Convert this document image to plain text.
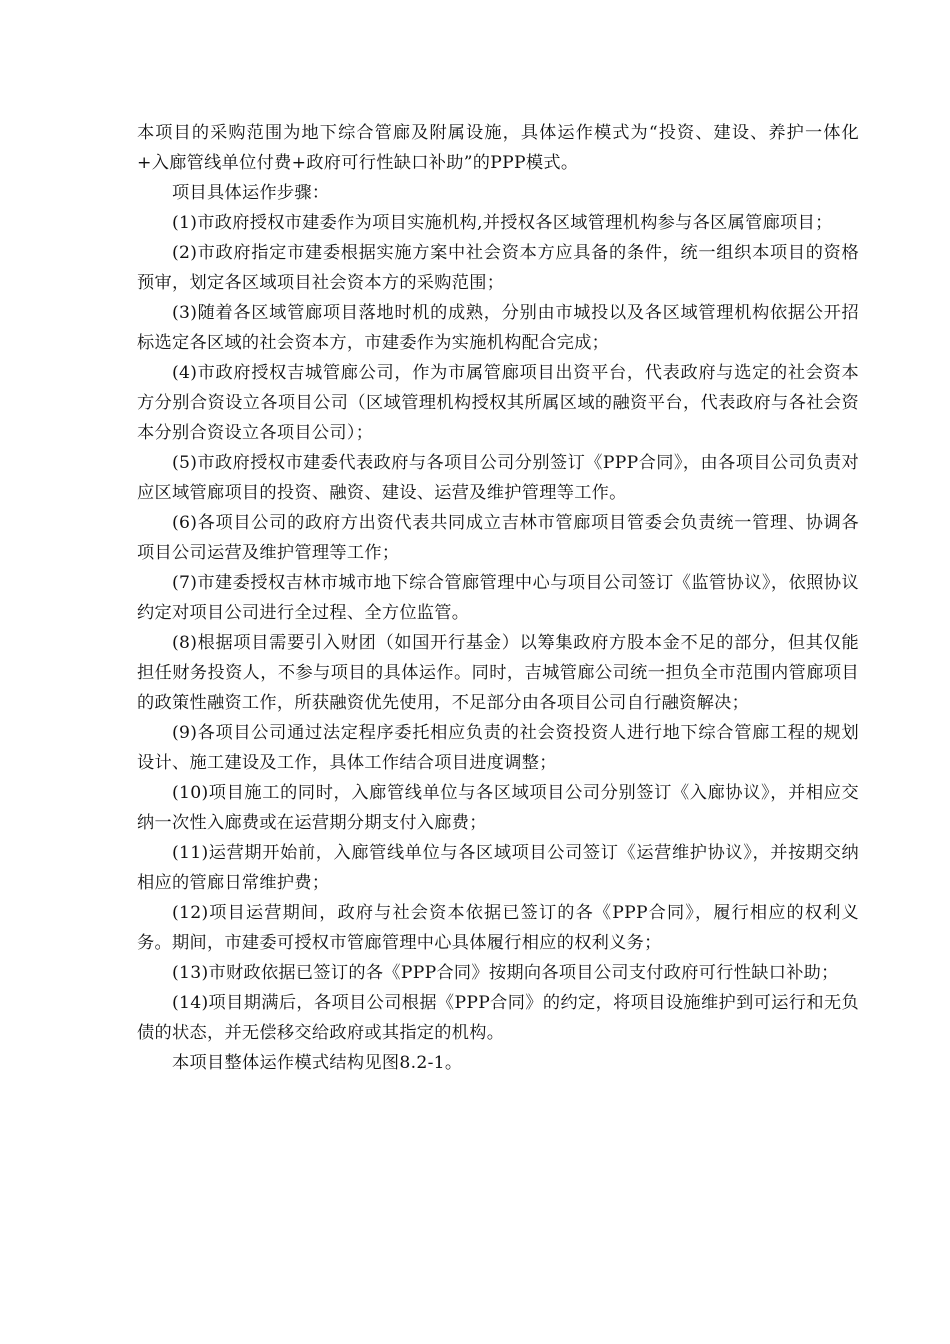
本项目的采购范围为地下综合管廊及附属设施，具体运作模式为“投资、建设、养护一体化+入廊管线单位付费+政府可行性缺口补助”的PPP模式。

项目具体运作步骤：

(1)市政府授权市建委作为项目实施机构,并授权各区域管理机构参与各区属管廊项目；

(2)市政府指定市建委根据实施方案中社会资本方应具备的条件，统一组织本项目的资格预审，划定各区域项目社会资本方的采购范围；

(3)随着各区域管廊项目落地时机的成熟，分别由市城投以及各区域管理机构依据公开招标选定各区域的社会资本方，市建委作为实施机构配合完成；

(4)市政府授权吉城管廊公司，作为市属管廊项目出资平台，代表政府与选定的社会资本方分别合资设立各项目公司（区域管理机构授权其所属区域的融资平台，代表政府与各社会资本分别合资设立各项目公司）；

(5)市政府授权市建委代表政府与各项目公司分别签订《PPP合同》，由各项目公司负责对应区域管廊项目的投资、融资、建设、运营及维护管理等工作。

(6)各项目公司的政府方出资代表共同成立吉林市管廊项目管委会负责统一管理、协调各项目公司运营及维护管理等工作；

(7)市建委授权吉林市城市地下综合管廊管理中心与项目公司签订《监管协议》，依照协议约定对项目公司进行全过程、全方位监管。

(8)根据项目需要引入财团（如国开行基金）以筹集政府方股本金不足的部分，但其仅能担任财务投资人，不参与项目的具体运作。同时，吉城管廊公司统一担负全市范围内管廊项目的政策性融资工作，所获融资优先使用，不足部分由各项目公司自行融资解决；

(9)各项目公司通过法定程序委托相应负责的社会资投资人进行地下综合管廊工程的规划设计、施工建设及工作，具体工作结合项目进度调整；

(10)项目施工的同时，入廊管线单位与各区域项目公司分别签订《入廊协议》，并相应交纳一次性入廊费或在运营期分期支付入廊费；

(11)运营期开始前，入廊管线单位与各区域项目公司签订《运营维护协议》，并按期交纳相应的管廊日常维护费；

(12)项目运营期间，政府与社会资本依据已签订的各《PPP合同》，履行相应的权利义务。期间，市建委可授权市管廊管理中心具体履行相应的权利义务；

(13)市财政依据已签订的各《PPP合同》按期向各项目公司支付政府可行性缺口补助；

(14)项目期满后，各项目公司根据《PPP合同》的约定，将项目设施维护到可运行和无负债的状态，并无偿移交给政府或其指定的机构。

本项目整体运作模式结构见图8.2-1。
